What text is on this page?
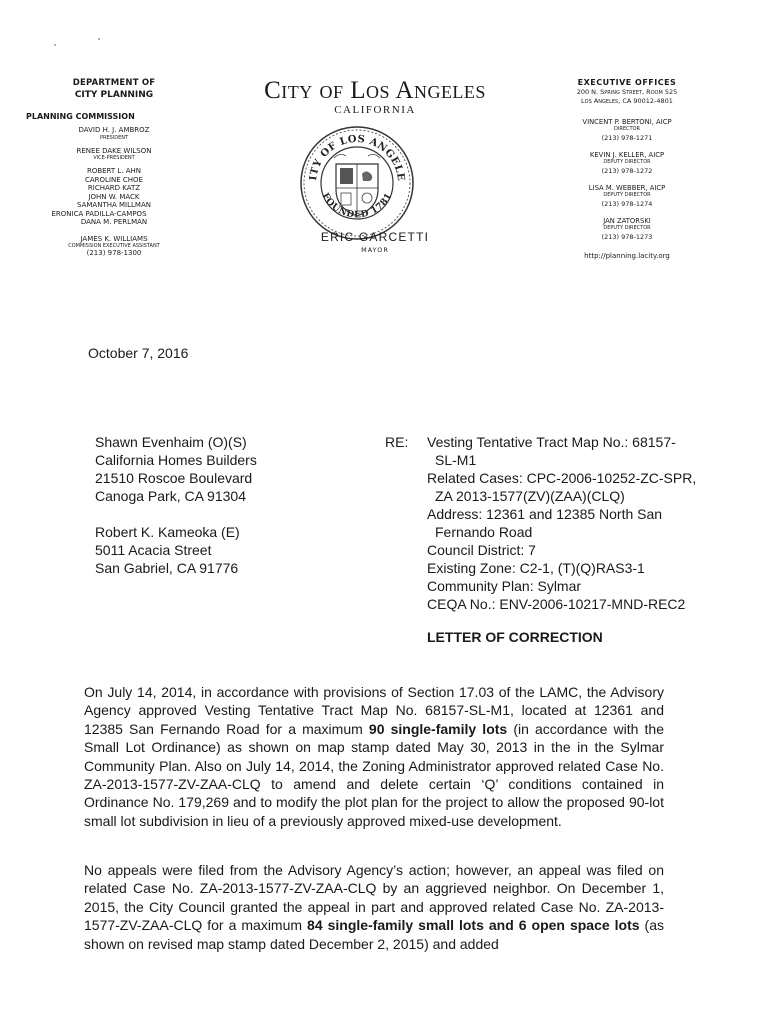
DEPARTMENT OF
CITY PLANNING
PLANNING COMMISSION
DAVID H. J. AMBROZ
PRESIDENT
RENEE DAKE WILSON
VICE-PRESIDENT
ROBERT L. AHN
CAROLINE CHOE
RICHARD KATZ
JOHN W. MACK
SAMANTHA MILLMAN
ERONICA PADILLA-CAMPOS
DANA M. PERLMAN
JAMES K. WILLIAMS
COMMISSION EXECUTIVE ASSISTANT
(213) 978-1300
City of Los Angeles
CALIFORNIA
ITY OF LOS ANGELE
FOUNDED 1781
ERIC GARCETTI
MAYOR
EXECUTIVE OFFICES
200 N. Spring Street, Room 525
Los Angeles, CA 90012-4801
VINCENT P. BERTONI, AICP
DIRECTOR
(213) 978-1271
KEVIN J. KELLER, AICP
DEPUTY DIRECTOR
(213) 978-1272
LISA M. WEBBER, AICP
DEPUTY DIRECTOR
(213) 978-1274
JAN ZATORSKI
DEPUTY DIRECTOR
(213) 978-1273
http://planning.lacity.org
October 7, 2016
Shawn Evenhaim (O)(S)
California Homes Builders
21510 Roscoe Boulevard
Canoga Park, CA 91304
Robert K. Kameoka (E)
5011 Acacia Street
San Gabriel, CA 91776
RE: Vesting Tentative Tract Map No.: 68157-
SL-M1
Related Cases: CPC-2006-10252-ZC-SPR,
ZA 2013-1577(ZV)(ZAA)(CLQ)
Address: 12361 and 12385 North San
Fernando Road
Council District: 7
Existing Zone: C2-1, (T)(Q)RAS3-1
Community Plan: Sylmar
CEQA No.: ENV-2006-10217-MND-REC2
LETTER OF CORRECTION
On July 14, 2014, in accordance with provisions of Section 17.03 of the LAMC, the Advisory Agency approved Vesting Tentative Tract Map No. 68157-SL-M1, located at 12361 and 12385 San Fernando Road for a maximum 90 single-family lots (in accordance with the Small Lot Ordinance) as shown on map stamp dated May 30, 2013 in the in the Sylmar Community Plan. Also on July 14, 2014, the Zoning Administrator approved related Case No. ZA-2013-1577-ZV-ZAA-CLQ to amend and delete certain ‘Q’ conditions contained in Ordinance No. 179,269 and to modify the plot plan for the project to allow the proposed 90-lot small lot subdivision in lieu of a previously approved mixed-use development.
No appeals were filed from the Advisory Agency’s action; however, an appeal was filed on related Case No. ZA-2013-1577-ZV-ZAA-CLQ by an aggrieved neighbor. On December 1, 2015, the City Council granted the appeal in part and approved related Case No. ZA-2013-1577-ZV-ZAA-CLQ for a maximum 84 single-family small lots and 6 open space lots (as shown on revised map stamp dated December 2, 2015) and added
